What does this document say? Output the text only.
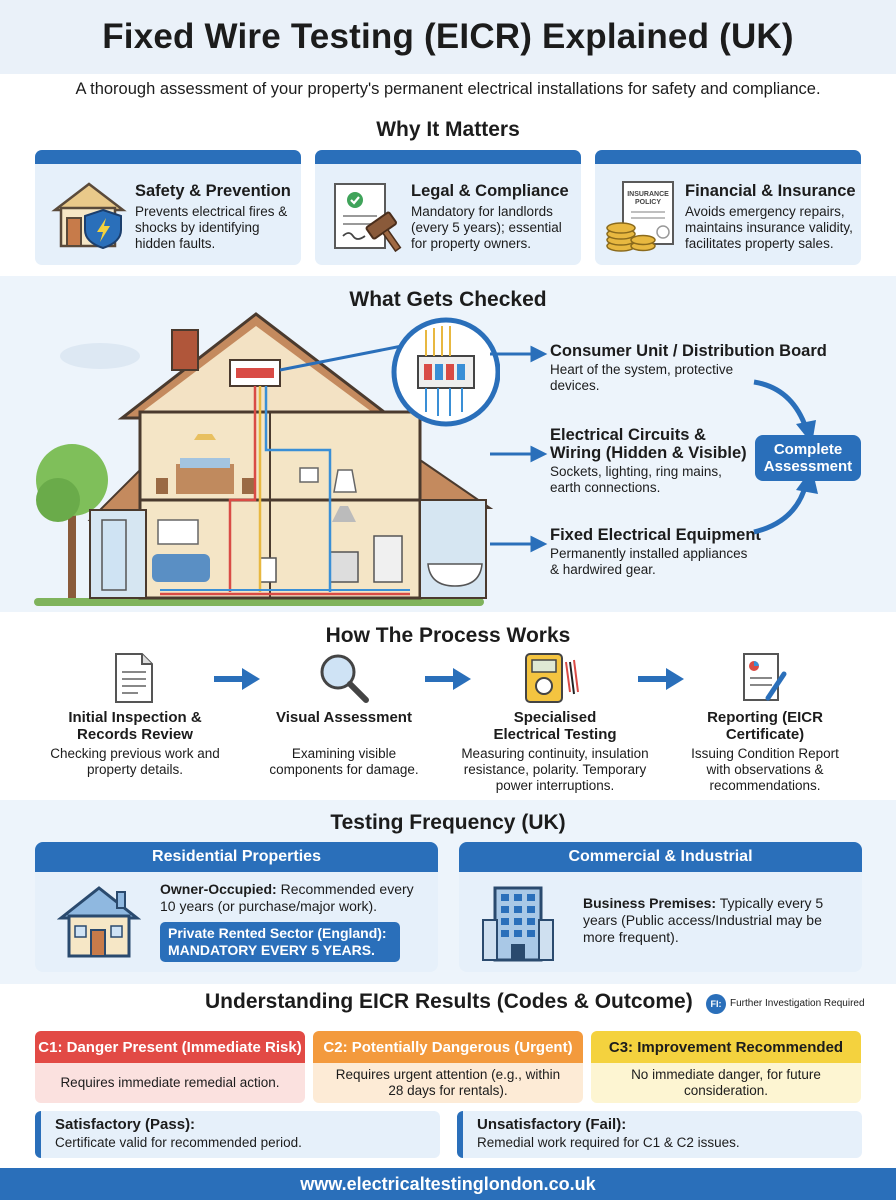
Fixed Wire Testing (EICR) Explained (UK)
A thorough assessment of your property's permanent electrical installations for safety and compliance.
Why It Matters
Safety & Prevention
Prevents electrical fires & shocks by identifying hidden faults.
Legal & Compliance
Mandatory for landlords (every 5 years); essential for property owners.
INSURANCE
POLICY
Financial & Insurance
Avoids emergency repairs, maintains insurance validity, facilitates property sales.
What Gets Checked
Consumer Unit / Distribution Board
Heart of the system, protective devices.
Electrical Circuits & Wiring (Hidden & Visible)
Sockets, lighting, ring mains, earth connections.
Fixed Electrical Equipment
Permanently installed appliances & hardwired gear.
Complete Assessment
How The Process Works
Initial Inspection & Records Review
Checking previous work and property details.
Visual Assessment
Examining visible components for damage.
Specialised Electrical Testing
Measuring continuity, insulation resistance, polarity. Temporary power interruptions.
Reporting (EICR Certificate)
Issuing Condition Report with observations & recommendations.
Testing Frequency (UK)
Residential Properties
Owner-Occupied: Recommended every 10 years (or purchase/major work).
Private Rented Sector (England):
MANDATORY EVERY 5 YEARS.
Commercial & Industrial
Business Premises: Typically every 5 years (Public access/Industrial may be more frequent).
Understanding EICR Results (Codes & Outcome)	FI: Further Investigation Required
C1: Danger Present (Immediate Risk)
Requires immediate remedial action.
C2: Potentially Dangerous (Urgent)
Requires urgent attention (e.g., within 28 days for rentals).
C3: Improvement Recommended
No immediate danger, for future consideration.
Satisfactory (Pass):
Certificate valid for recommended period.
Unsatisfactory (Fail):
Remedial work required for C1 & C2 issues.
www.electricaltestinglondon.co.uk
